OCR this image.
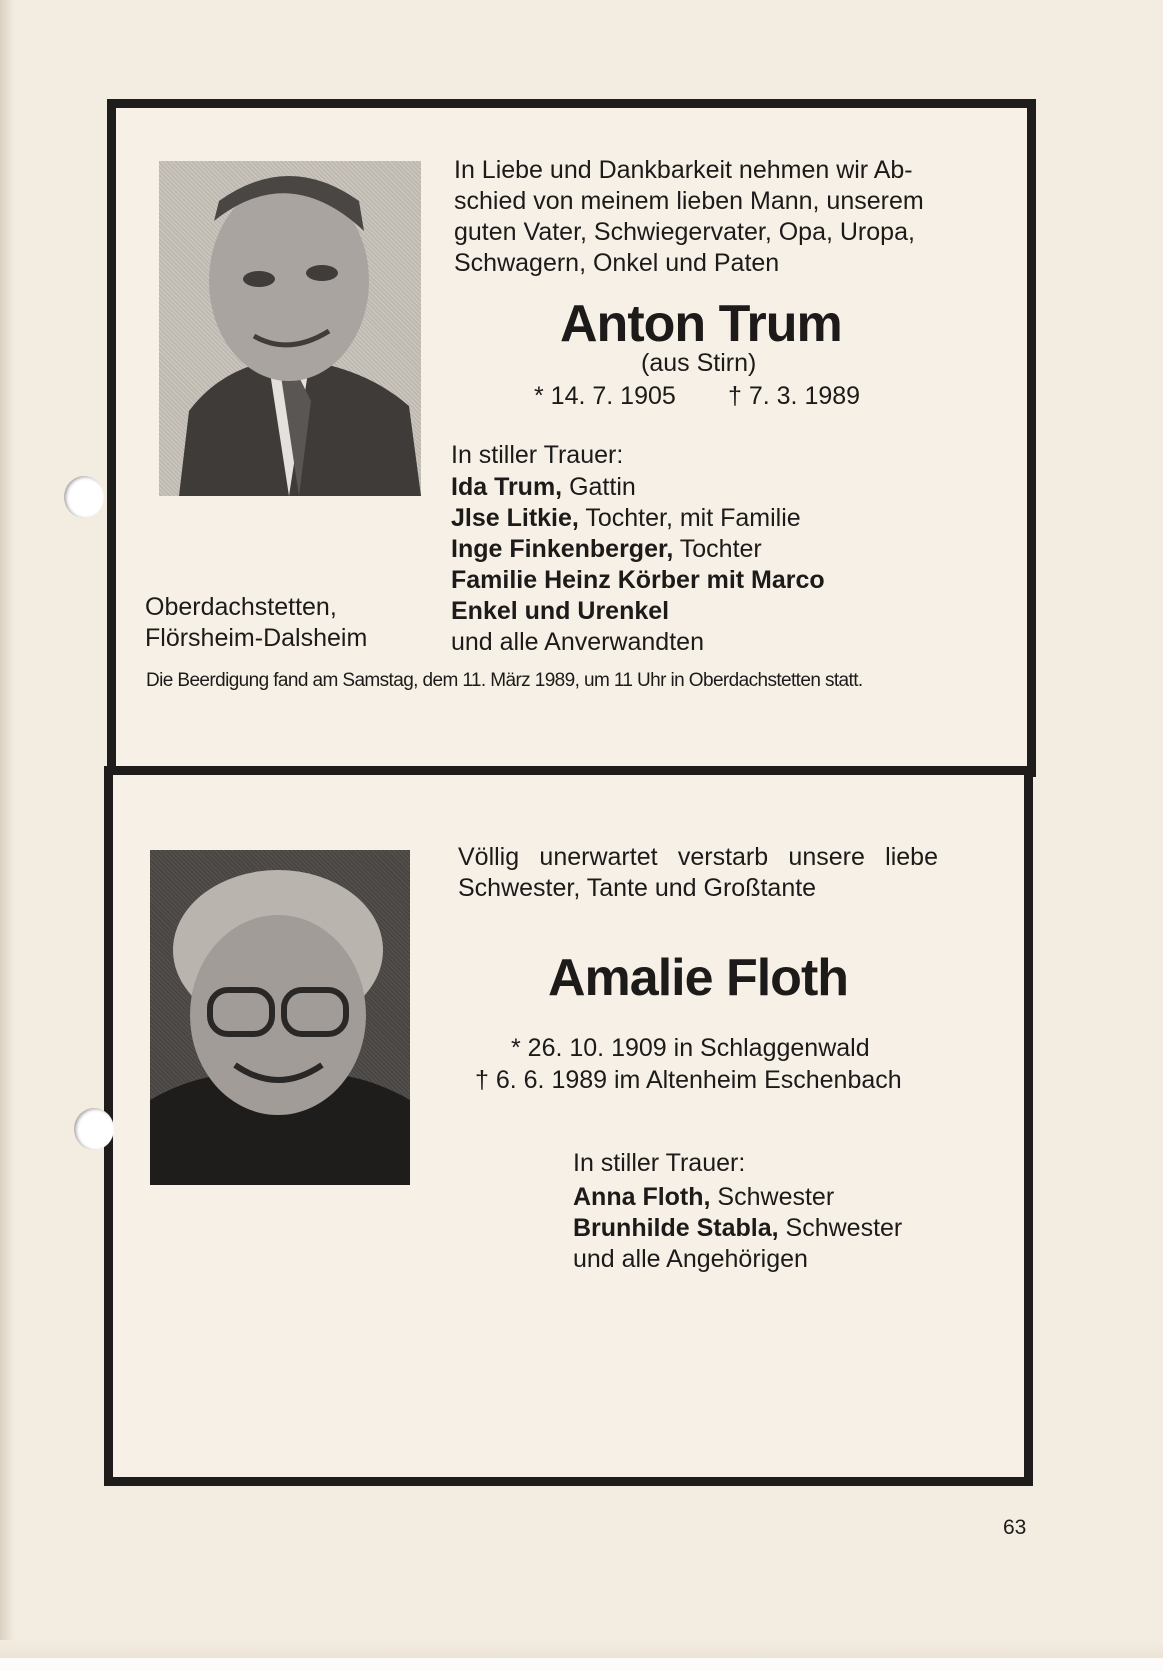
In Liebe und Dankbarkeit nehmen wir Ab-
schied von meinem lieben Mann, unserem
guten Vater, Schwiegervater, Opa, Uropa,
Schwagern, Onkel und Paten

Anton Trum

(aus Stirn)

* 14. 7. 1905 † 7. 3. 1989

In stiller Trauer:

Ida Trum, Gattin
Jlse Litkie, Tochter, mit Familie
Inge Finkenberger, Tochter
Familie Heinz Körber mit Marco
Enkel und Urenkel
und alle Anverwandten
Oberdachstetten,
Flörsheim-Dalsheim

Die Beerdigung fand am Samstag, dem 11. März 1989, um 11 Uhr in Oberdachstetten statt.

Völlig unerwartet verstarb unsere liebe
Schwester, Tante und Großtante

Amalie Floth

* 26. 10. 1909 in Schlaggenwald

† 6. 6. 1989 im Altenheim Eschenbach

In stiller Trauer:

Anna Floth, Schwester
Brunhilde Stabla, Schwester
und alle Angehörigen
63
